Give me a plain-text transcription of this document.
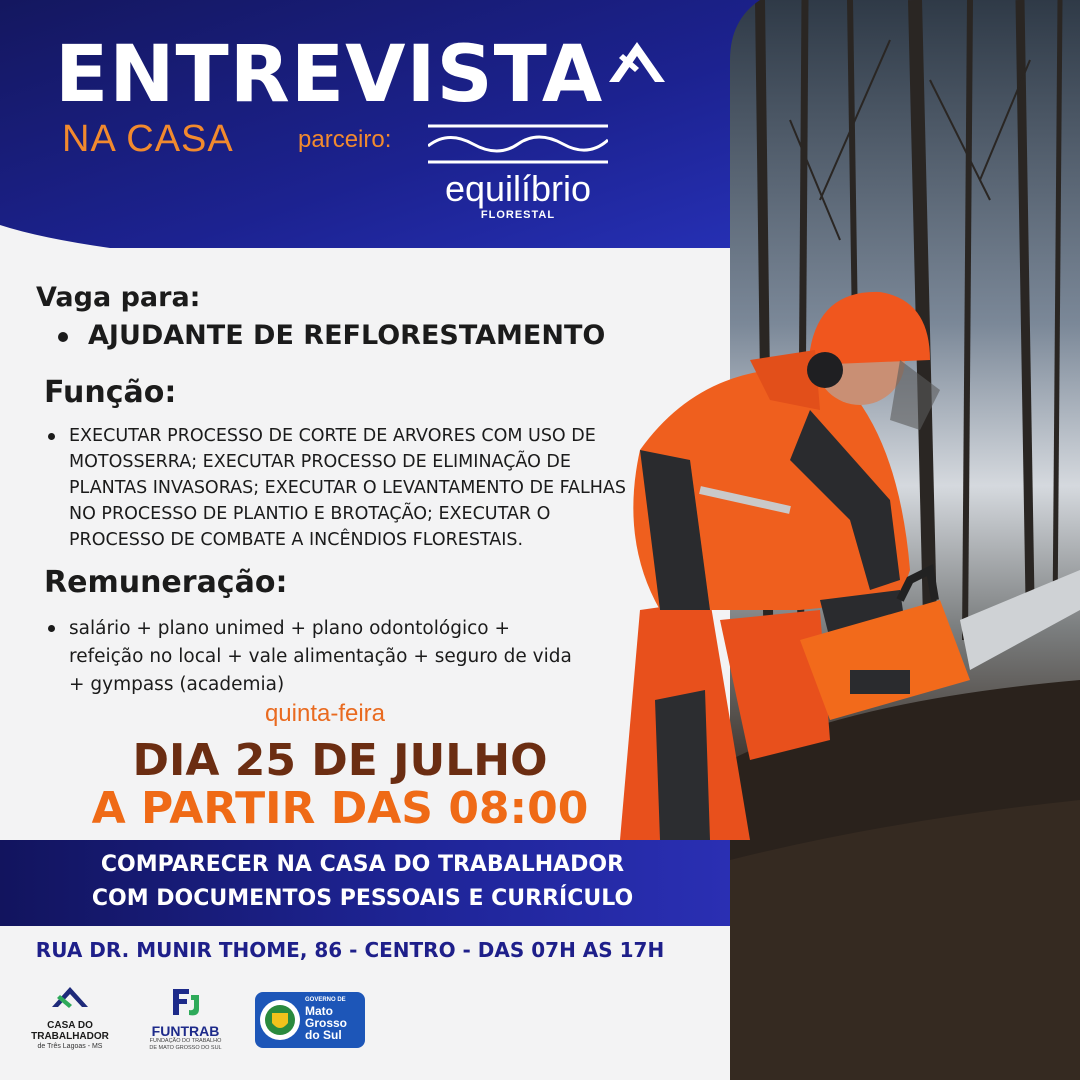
ENTREVISTA
NA CASA	parceiro:
equilíbrio
FLORESTAL
Vaga para:
AJUDANTE DE REFLORESTAMENTO
Função:
EXECUTAR PROCESSO DE CORTE DE ARVORES COM USO DE
MOTOSSERRA; EXECUTAR PROCESSO DE ELIMINAÇÃO DE
PLANTAS INVASORAS; EXECUTAR O LEVANTAMENTO DE FALHAS
NO PROCESSO DE PLANTIO E BROTAÇÃO; EXECUTAR O
PROCESSO DE COMBATE A INCÊNDIOS FLORESTAIS.
Remuneração:
salário + plano unimed + plano odontológico +
refeição no local + vale alimentação + seguro de vida
+ gympass (academia)
quinta-feira
DIA 25 DE JULHO
A PARTIR DAS 08:00
COMPARECER NA CASA DO TRABALHADOR
COM DOCUMENTOS PESSOAIS E CURRÍCULO
RUA DR. MUNIR THOME, 86 - CENTRO - DAS 07H AS 17H
CASA DO
TRABALHADOR
de Três Lagoas - MS
FUNTRAB
FUNDAÇÃO DO TRABALHO
DE MATO GROSSO DO SUL
GOVERNO DE
Mato
Grosso
do Sul
